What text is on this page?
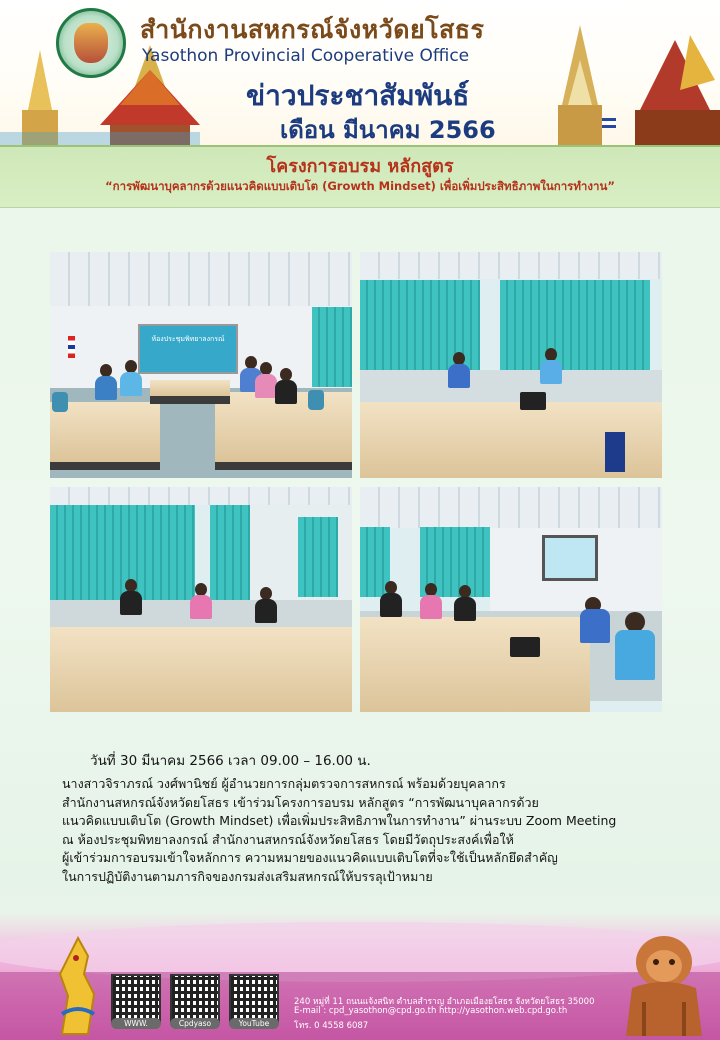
สำนักงานสหกรณ์จังหวัดยโสธร
Yasothon Provincial Cooperative Office
ข่าวประชาสัมพันธ์
เดือน มีนาคม 2566
โครงการอบรม หลักสูตร
“การพัฒนาบุคลากรด้วยแนวคิดแบบเติบโต (Growth Mindset) เพื่อเพิ่มประสิทธิภาพในการทำงาน”
ห้องประชุมพิทยาลงกรณ์
วันที่ 30 มีนาคม 2566 เวลา 09.00 – 16.00 น.
นางสาวจิราภรณ์ วงศ์พานิชย์ ผู้อำนวยการกลุ่มตรวจการสหกรณ์ พร้อมด้วยบุคลากร
สำนักงานสหกรณ์จังหวัดยโสธร เข้าร่วมโครงการอบรม หลักสูตร “การพัฒนาบุคลากรด้วย
แนวคิดแบบเติบโต (Growth Mindset) เพื่อเพิ่มประสิทธิภาพในการทำงาน” ผ่านระบบ Zoom Meeting
ณ ห้องประชุมพิทยาลงกรณ์ สำนักงานสหกรณ์จังหวัดยโสธร โดยมีวัตถุประสงค์เพื่อให้
ผู้เข้าร่วมการอบรมเข้าใจหลักการ ความหมายของแนวคิดแบบเติบโตที่จะใช้เป็นหลักยึดสำคัญ
ในการปฏิบัติงานตามภารกิจของกรมส่งเสริมสหกรณ์ให้บรรลุเป้าหมาย
WWW.	Cpdyaso	YouTube
240 หมู่ที่ 11 ถนนแจ้งสนิท ตำบลสำราญ อำเภอเมืองยโสธร จังหวัดยโสธร 35000
E-mail : cpd_yasothon@cpd.go.th http://yasothon.web.cpd.go.th
โทร. 0 4558 6087
